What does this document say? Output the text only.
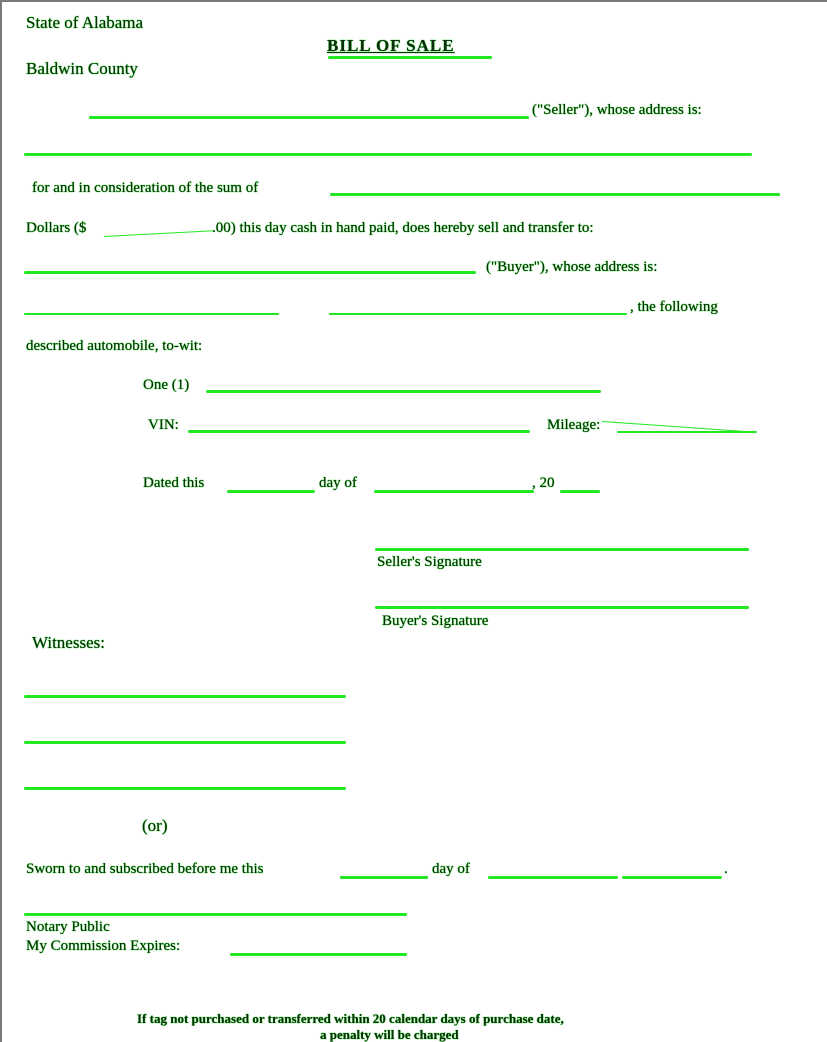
State of Alabama
BILL OF SALE
Baldwin County
("Seller"), whose address is:
for and in consideration of the sum of
Dollars ($	.00) this day cash in hand paid, does hereby sell and transfer to:
("Buyer"), whose address is:
, the following
described automobile, to-wit:
One (1)
VIN:	Mileage:
Dated this	day of	, 20
Seller's Signature
Buyer's Signature
Witnesses:
(or)
Sworn to and subscribed before me this	day of	.
Notary Public
My Commission Expires:
If tag not purchased or transferred within 20 calendar days of purchase date,
a penalty will be charged
